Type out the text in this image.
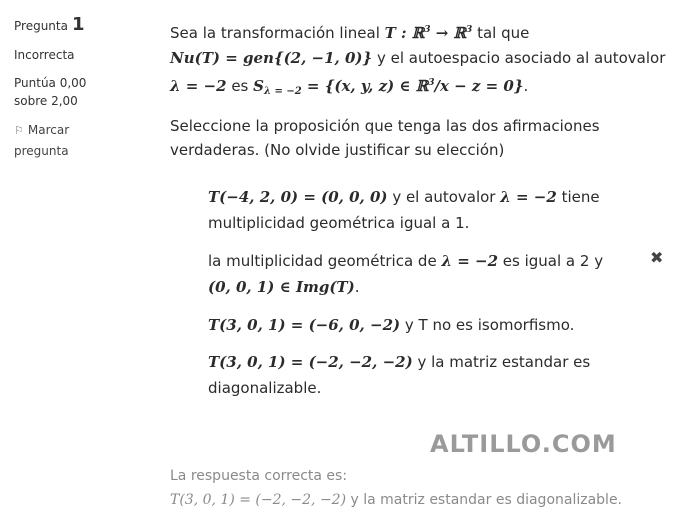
Pregunta 1
Incorrecta
Puntúa 0,00
sobre 2,00
⚐ Marcar
pregunta

Sea la transformación lineal T : ℝ$^3$ → ℝ$^3$ tal que
Nu(T) = gen{(2, −1, 0)} y el autoespacio asociado al autovalor
λ = −2 es $S_{\lambda = -2} = \{(x$, y, z) ∈ ℝ$^3$/x − z = 0}.

Seleccione la proposición que tenga las dos afirmaciones verdaderas. (No olvide justificar su elección)

T(−4, 2, 0) = (0, 0, 0) y el autovalor λ = −2 tiene multiplicidad geométrica igual a 1.
la multiplicidad geométrica de λ = −2 es igual a 2 y
(0, 0, 1) ∈ Img(T).
✖
T(3, 0, 1) = (−6, 0, −2) y T no es isomorfismo.
T(3, 0, 1) = (−2, −2, −2) y la matriz estandar es diagonalizable.
ALTILLO.COM

La respuesta correcta es:

T(3, 0, 1) = (−2, −2, −2) y la matriz estandar es diagonalizable.
